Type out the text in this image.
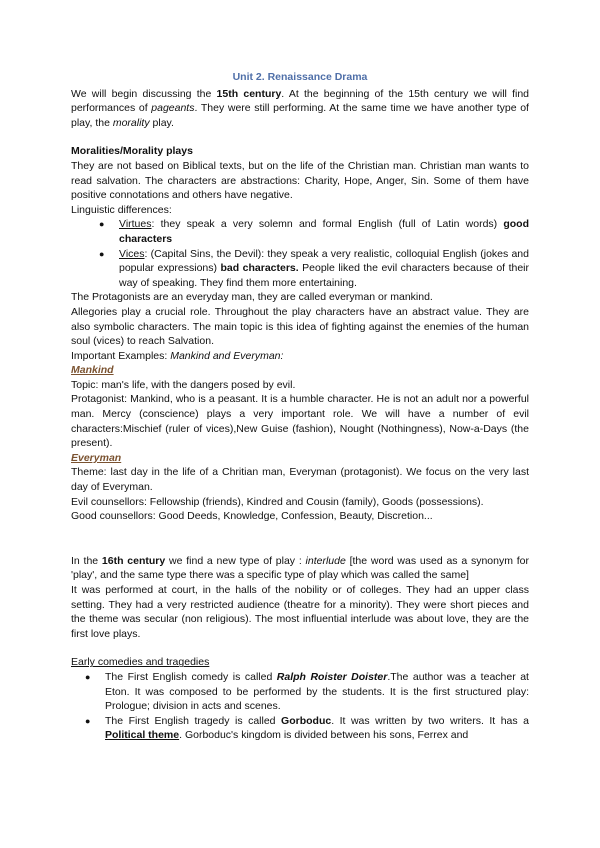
Unit 2. Renaissance Drama

We will begin discussing the 15th century. At the beginning of the 15th century we will find performances of pageants. They were still performing. At the same time we have another type of play, the morality play.

Moralities/Morality plays

They are not based on Biblical texts, but on the life of the Christian man. Christian man wants to read salvation. The characters are abstractions: Charity, Hope, Anger, Sin. Some of them have positive connotations and others have negative.

Linguistic differences:

● Virtues: they speak a very solemn and formal English (full of Latin words) good characters
● Vices: (Capital Sins, the Devil): they speak a very realistic, colloquial English (jokes and popular expressions) bad characters. People liked the evil characters because of their way of speaking. They find them more entertaining.

The Protagonists are an everyday man, they are called everyman or mankind.

Allegories play a crucial role. Throughout the play characters have an abstract value. They are also symbolic characters. The main topic is this idea of fighting against the enemies of the human soul (vices) to reach Salvation.

Important Examples: Mankind and Everyman:

Mankind

Topic: man's life, with the dangers posed by evil.

Protagonist: Mankind, who is a peasant. It is a humble character. He is not an adult nor a powerful man. Mercy (conscience) plays a very important role. We will have a number of evil characters:Mischief (ruler of vices),New Guise (fashion), Nought (Nothingness), Now-a-Days (the present).

Everyman

Theme: last day in the life of a Chritian man, Everyman (protagonist). We focus on the very last day of Everyman.

Evil counsellors: Fellowship (friends), Kindred and Cousin (family), Goods (possessions).

Good counsellors: Good Deeds, Knowledge, Confession, Beauty, Discretion...

In the 16th century we find a new type of play : interlude [the word was used as a synonym for 'play', and the same type there was a specific type of play which was called the same]

It was performed at court, in the halls of the nobility or of colleges. They had an upper class setting. They had a very restricted audience (theatre for a minority). They were short pieces and the theme was secular (non religious). The most influential interlude was about love, they are the first love plays.

Early comedies and tragedies

● The First English comedy is called Ralph Roister Doister.The author was a teacher at Eton. It was composed to be performed by the students. It is the first structured play: Prologue; division in acts and scenes.
● The First English tragedy is called Gorboduc. It was written by two writers. It has a Political theme. Gorboduc's kingdom is divided between his sons, Ferrex and
